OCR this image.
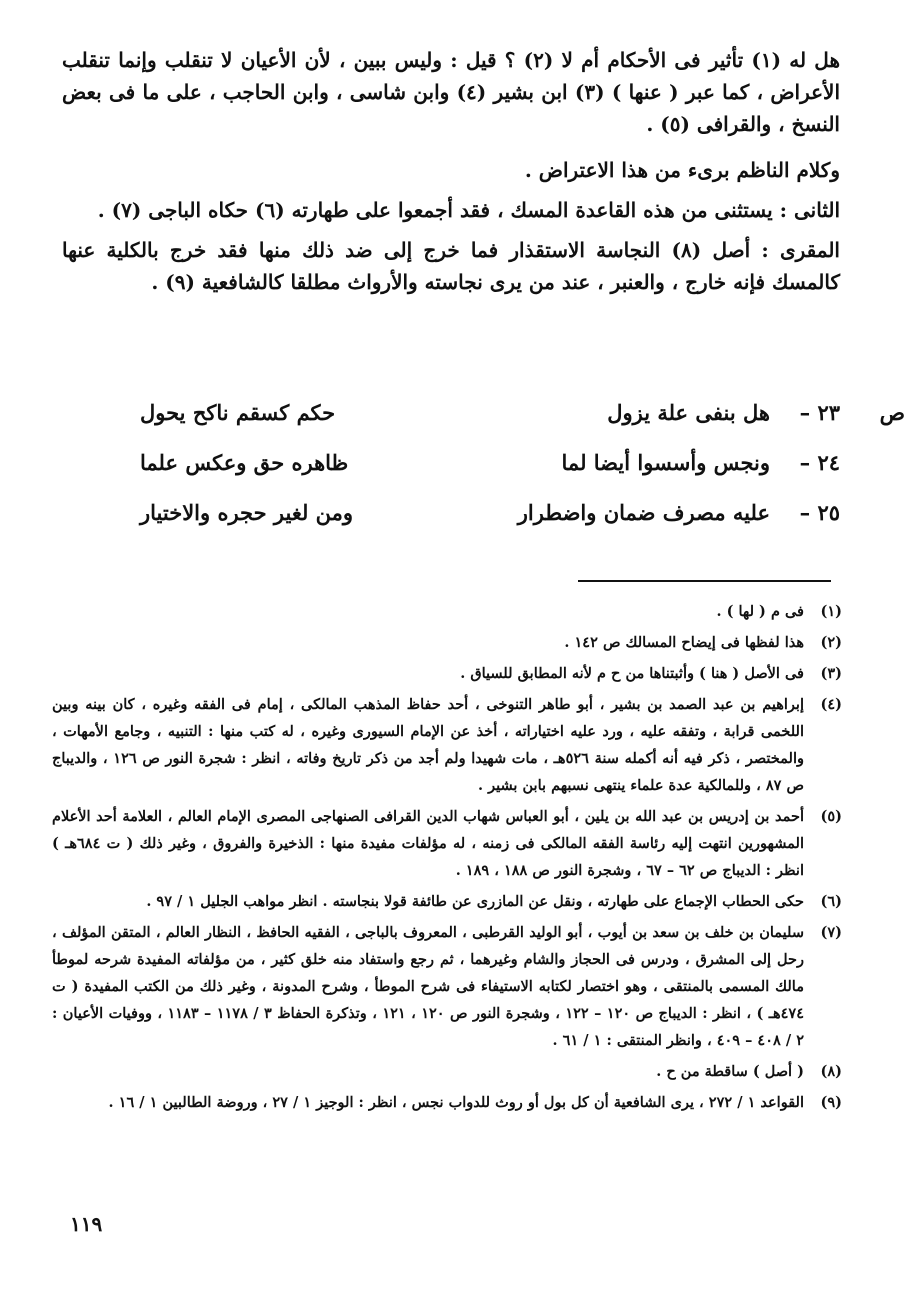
هل له (١) تأثير فى الأحكام أم لا (٢) ؟ قيل : وليس ببين ، لأن الأعيان لا تنقلب وإنما تنقلب الأعراض ، كما عبر ( عنها ) (٣) ابن بشير (٤) وابن شاسى ، وابن الحاجب ، على ما فى بعض النسخ ، والقرافى (٥) .

وكلام الناظم برىء من هذا الاعتراض .

الثانى : يستثنى من هذه القاعدة المسك ، فقد أجمعوا على طهارته (٦) حكاه الباجى (٧) .

المقرى : أصل (٨) النجاسة الاستقذار فما خرج إلى ضد ذلك منها فقد خرج بالكلية عنها كالمسك فإنه خارج ، والعنبر ، عند من يرى نجاسته والأرواث مطلقا كالشافعية (٩) .

ص
٢٣ –
هل بنفى علة يزول
حكم كسقم ناكح يحول
٢٤ –
ونجس وأسسوا أيضا لما
ظاهره حق وعكس علما
٢٥ –
عليه مصرف ضمان واضطرار
ومن لغير حجره والاختيار
(١)
فى م ( لها ) .
(٢)
هذا لفظها فى إيضاح المسالك ص ١٤٢ .
(٣)
فى الأصل ( هنا ) وأثبتناها من ح م لأنه المطابق للسياق .
(٤)
إبراهيم بن عبد الصمد بن بشير ، أبو طاهر التنوخى ، أحد حفاظ المذهب المالكى ، إمام فى الفقه وغيره ، كان بينه وبين اللخمى قرابة ، وتفقه عليه ، ورد عليه اختياراته ، أخذ عن الإمام السيورى وغيره ، له كتب منها : التنبيه ، وجامع الأمهات ، والمختصر ، ذكر فيه أنه أكمله سنة ٥٢٦هـ ، مات شهيدا ولم أجد من ذكر تاريخ وفاته ، انظر : شجرة النور ص ١٢٦ ، والديباج ص ٨٧ ، وللمالكية عدة علماء ينتهى نسبهم بابن بشير .
(٥)
أحمد بن إدريس بن عبد الله بن يلين ، أبو العباس شهاب الدين القرافى الصنهاجى المصرى الإمام العالم ، العلامة أحد الأعلام المشهورين انتهت إليه رئاسة الفقه المالكى فى زمنه ، له مؤلفات مفيدة منها : الذخيرة والفروق ، وغير ذلك ( ت ٦٨٤هـ ) انظر : الديباج ص ٦٢ – ٦٧ ، وشجرة النور ص ١٨٨ ، ١٨٩ .
(٦)
حكى الحطاب الإجماع على طهارته ، ونقل عن المازرى عن طائفة قولا بنجاسته . انظر مواهب الجليل ١ / ٩٧ .
(٧)
سليمان بن خلف بن سعد بن أيوب ، أبو الوليد القرطبى ، المعروف بالباجى ، الفقيه الحافظ ، النظار العالم ، المتقن المؤلف ، رحل إلى المشرق ، ودرس فى الحجاز والشام وغيرهما ، ثم رجع واستفاد منه خلق كثير ، من مؤلفاته المفيدة شرحه لموطأ مالك المسمى بالمنتقى ، وهو اختصار لكتابه الاستيفاء فى شرح الموطأ ، وشرح المدونة ، وغير ذلك من الكتب المفيدة ( ت ٤٧٤هـ ) ، انظر : الديباج ص ١٢٠ – ١٢٢ ، وشجرة النور ص ١٢٠ ، ١٢١ ، وتذكرة الحفاظ ٣ / ١١٧٨ – ١١٨٣ ، ووفيات الأعيان : ٢ / ٤٠٨ – ٤٠٩ ، وانظر المنتقى : ١ / ٦١ .
(٨)
( أصل ) ساقطة من ح .
(٩)
القواعد ١ / ٢٧٢ ، يرى الشافعية أن كل بول أو روث للدواب نجس ، انظر : الوجيز ١ / ٢٧ ، وروضة الطالبين ١ / ١٦ .
١١٩
